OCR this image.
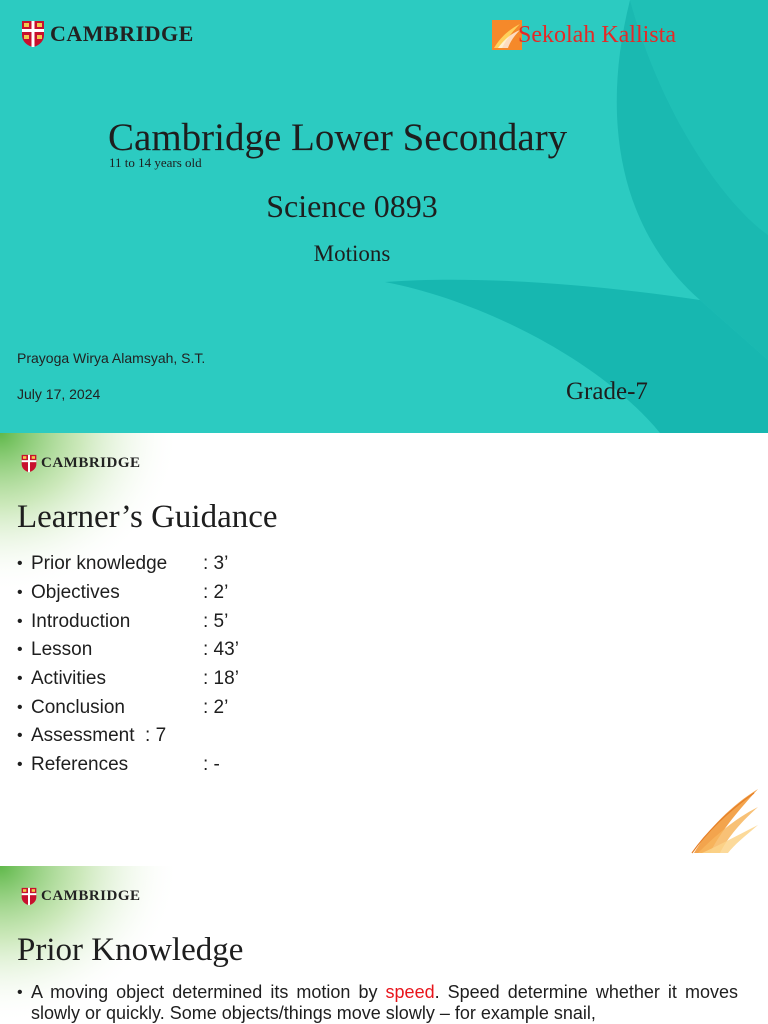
CAMBRIDGE	Sekolah Kallista
Cambridge Lower Secondary
11 to 14 years old
Science 0893
Motions
Prayoga Wirya Alamsyah, S.T.
July 17, 2024	Grade-7
CAMBRIDGE
Learner’s Guidance
• Prior knowledge	: 3’
• Objectives	: 2’
• Introduction	: 5’
• Lesson	: 43’
• Activities	: 18’
• Conclusion	: 2’
• Assessment  : 7
• References	: -
CAMBRIDGE
Prior Knowledge
• A moving object determined its motion by speed. Speed determine whether it moves slowly or quickly. Some objects/things move slowly – for example snail,
